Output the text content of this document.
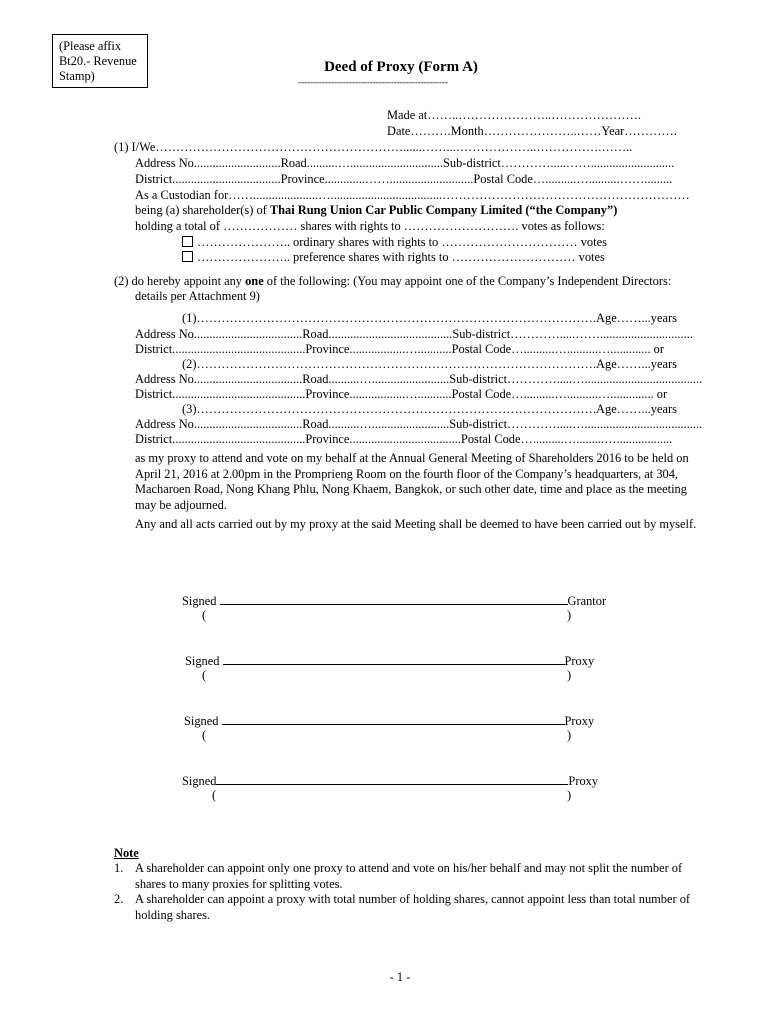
(Please affix
Bt20.- Revenue
Stamp)
Deed of Proxy (Form A)
--------------------------------------------------
Made at……..…………………..………………….
Date……….Month…………………..……Year………….
(1) I/We……………………………………………………......……...………………..…………….……..
Address No............................Road..........…..............................Sub-district………….....……...........................
District...................................Province.............……...........................Postal Code…..........…..........…….........
As a Custodian for…….....................…....................................……………………………………………………
being (a) shareholder(s) of Thai Rung Union Car Public Company Limited (“the Company”)
holding a total of ……………… shares with rights to ………………………. votes as follows:
………………….. ordinary shares with rights to …………………………… votes
………………….. preference shares with rights to ………………………… votes
(2) do hereby appoint any one of the following: (You may appoint one of the Company’s Independent Directors:
details per Attachment 9)
(1)…………………………………………………………………………………….Age……...years
Address No...................................Road........................................Sub-district………….....……..............................
District...........................................Province..................…...........Postal Code…..........…..........…............. or
(2)…………………………………………………………………………………….Age……...years
Address No...................................Road..........….........................Sub-district………….....…......................................
District...........................................Province..................…...........Postal Code…..........…..........….............. or
(3)…………………………………………………………………………………….Age……...years
Address No...................................Road..........….........................Sub-district………….....…......................................
District...........................................Province....................................Postal Code…..........….........…..................
as my proxy to attend and vote on my behalf at the Annual General Meeting of Shareholders 2016 to be held on April 21, 2016 at 2.00pm in the Promprieng Room on the fourth floor of the Company’s headquarters, at 304, Macharoen Road, Nong Khang Phlu, Nong Khaem, Bangkok, or such other date, time and place as the meeting may be adjourned.
Any and all acts carried out by my proxy at the said Meeting shall be deemed to have been carried out by myself.
Signed	Grantor
(	)
Signed	Proxy
(	)
Signed	Proxy
(	)
Signed	Proxy
(	)
Note
1. A shareholder can appoint only one proxy to attend and vote on his/her behalf and may not split the number of shares to many proxies for splitting votes.
2. A shareholder can appoint a proxy with total number of holding shares, cannot appoint less than total number of holding shares.
- 1 -
